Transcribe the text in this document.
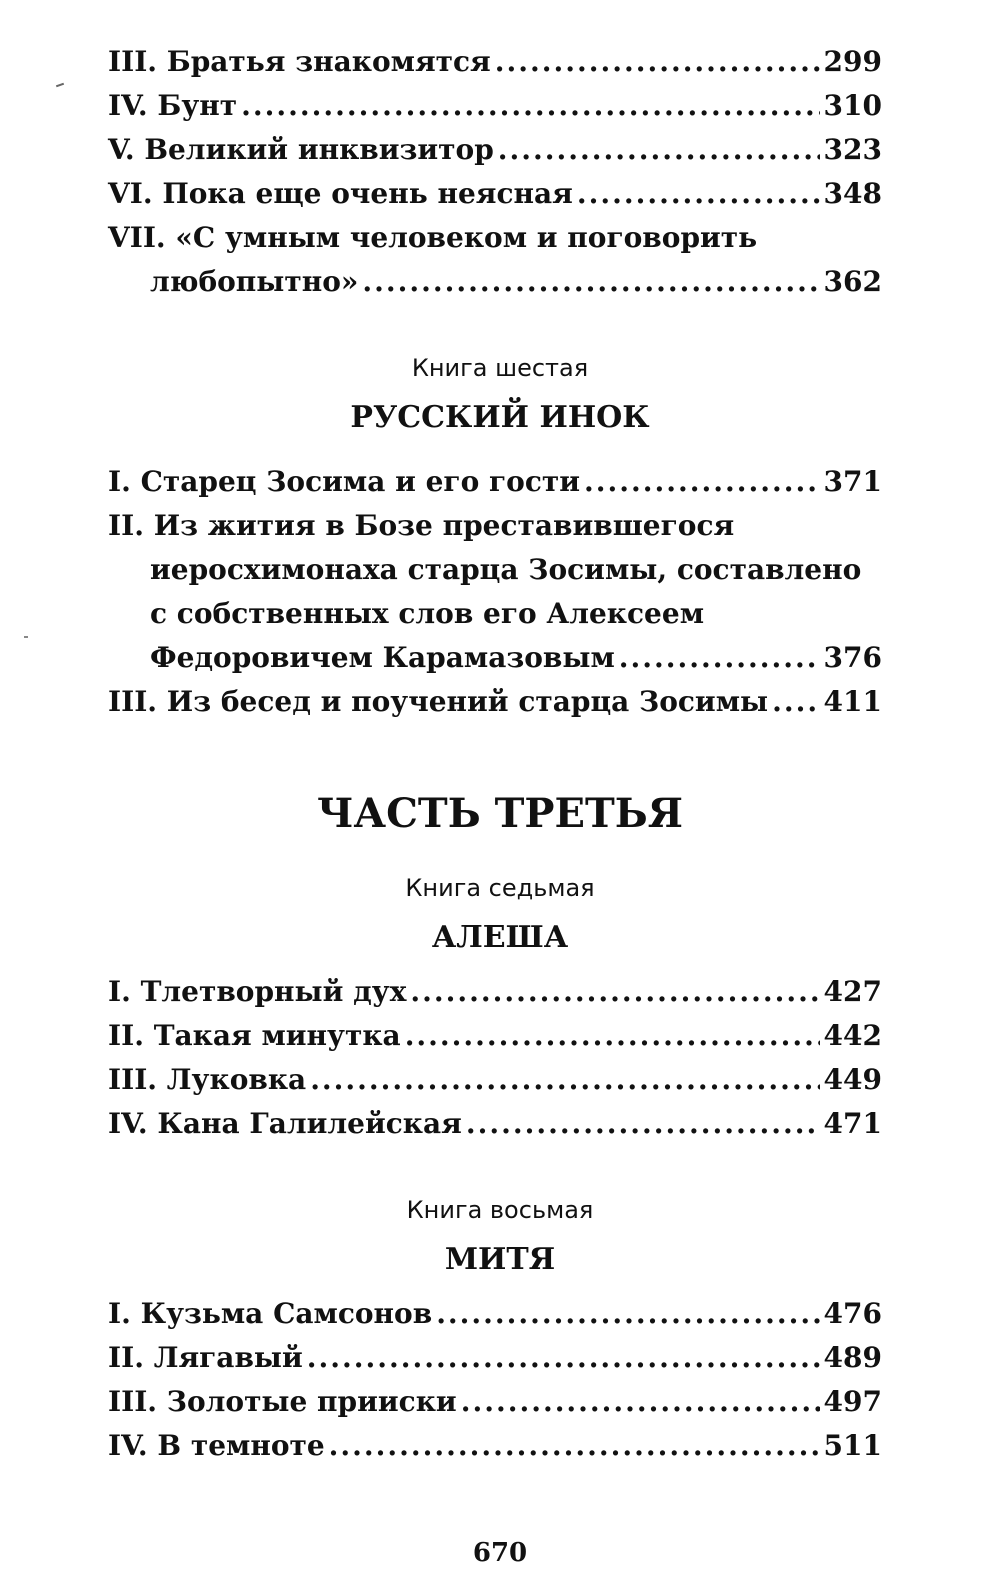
III. Братья знакомятся .....	299
IV. Бунт .....	310
V. Великий инквизитор .....	323
VI. Пока еще очень неясная .....	348
VII. «С умным человеком и поговорить
любопытно» .....	362
Книга шестая
РУССКИЙ ИНОК
I. Старец Зосима и его гости .....	371
II. Из жития в Бозе преставившегося
иеросхимонаха старца Зосимы, составлено
с собственных слов его Алексеем
Федоровичем Карамазовым .....	376
III. Из бесед и поучений старца Зосимы ..... 411
ЧАСТЬ ТРЕТЬЯ
Книга седьмая
АЛЕША
I. Тлетворный дух .....	427
II. Такая минутка .....	442
III. Луковка .....	449
IV. Кана Галилейская .....	471
Книга восьмая
МИТЯ
I. Кузьма Самсонов .....	476
II. Лягавый .....	489
III. Золотые прииски .....	497
IV. В темноте .....	511
670
